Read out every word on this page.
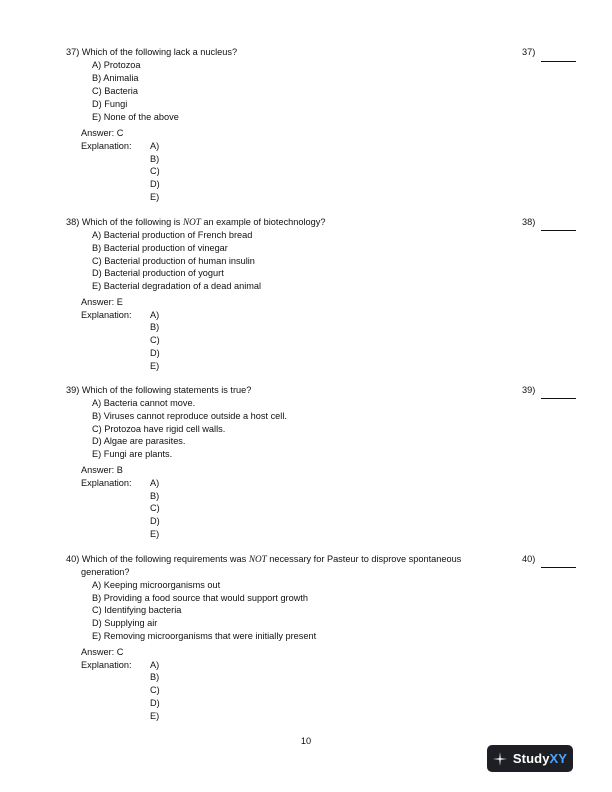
37) Which of the following lack a nucleus?	37)
A) Protozoa
B) Animalia
C) Bacteria
D) Fungi
E) None of the above
Answer: C
Explanation: A)
B)
C)
D)
E)
38) Which of the following is NOT an example of biotechnology?	38)
A) Bacterial production of French bread
B) Bacterial production of vinegar
C) Bacterial production of human insulin
D) Bacterial production of yogurt
E) Bacterial degradation of a dead animal
Answer: E
Explanation: A)
B)
C)
D)
E)
39) Which of the following statements is true?	39)
A) Bacteria cannot move.
B) Viruses cannot reproduce outside a host cell.
C) Protozoa have rigid cell walls.
D) Algae are parasites.
E) Fungi are plants.
Answer: B
Explanation: A)
B)
C)
D)
E)
40) Which of the following requirements was NOT necessary for Pasteur to disprove spontaneous	40)
generation?
A) Keeping microorganisms out
B) Providing a food source that would support growth
C) Identifying bacteria
D) Supplying air
E) Removing microorganisms that were initially present
Answer: C
Explanation: A)
B)
C)
D)
E)
10
StudyXY
